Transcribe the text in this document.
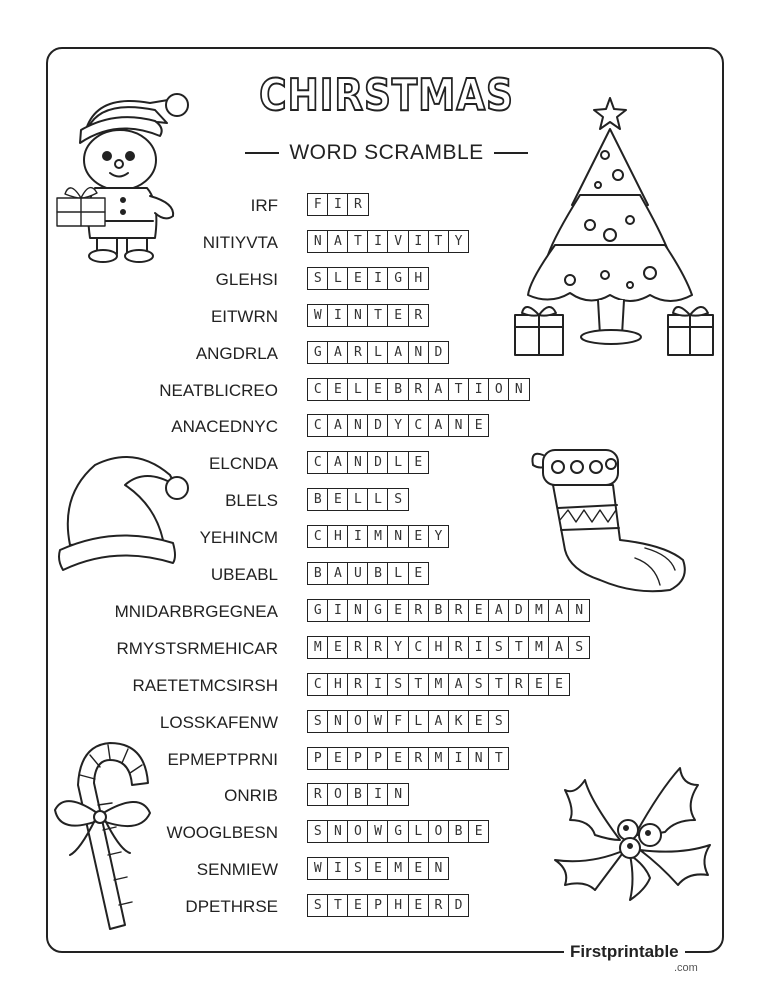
CHIRSTMAS
WORD SCRAMBLE
IRF	F I R
NITIYVTA	N A T I V I T Y
GLEHSI	S L E I G H
EITWRN	W I N T E R
ANGDRLA	G A R L A N D
NEATBLICREO	C E L E B R A T I O N
ANACEDNYC	C A N D Y C A N E
ELCNDA	C A N D L E
BLELS	B E L L S
YEHINCM	C H I M N E Y
UBEABL	B A U B L E
MNIDARBRGEGNEA	G I N G E R B R E A D M A N
RMYSTSRMEHICAR	M E R R Y C H R I S T M A S
RAETETMCSIRSH	C H R I S T M A S T R E E
LOSSKAFENW	S N O W F L A K E S
EPMEPTPRNI	P E P P E R M I N T
ONRIB	R O B I N
WOOGLBESN	S N O W G L O B E
SENMIEW	W I S E M E N
DPETHRSE	S T E P H E R D
Firstprintable
.com
